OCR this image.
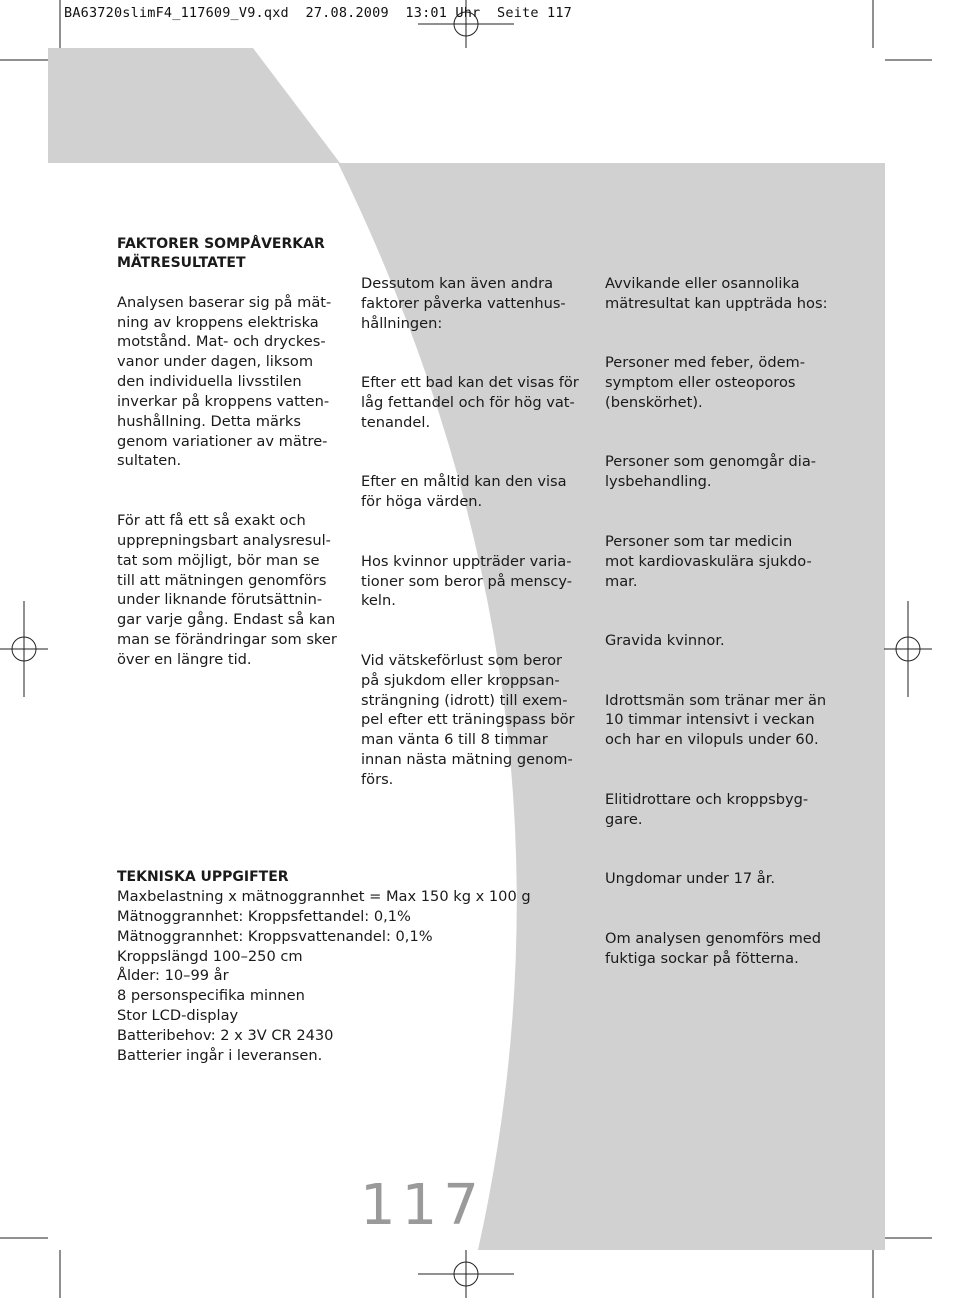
BA63720slimF4_117609_V9.qxd  27.08.2009  13:01 Uhr  Seite 117

FAKTORER SOMPÅVERKAR
MÄTRESULTATET

Analysen baserar sig på mät-
ning av kroppens elektriska
motstånd. Mat- och dryckes-
vanor under dagen, liksom
den individuella livsstilen
inverkar på kroppens vatten-
hushållning. Detta märks
genom variationer av mätre-
sultaten.

För att få ett så exakt och
upprepningsbart analysresul-
tat som möjligt, bör man se
till att mätningen genomförs
under liknande förutsättnin-
gar varje gång. Endast så kan
man se förändringar som sker
över en längre tid.

Dessutom kan även andra
faktorer påverka vattenhus-
hållningen:

Efter ett bad kan det visas för
låg fettandel och för hög vat-
tenandel.

Efter en måltid kan den visa
för höga värden.

Hos kvinnor uppträder varia-
tioner som beror på menscy-
keln.

Vid vätskeförlust som beror
på sjukdom eller kroppsan-
strängning (idrott) till exem-
pel efter ett träningspass bör
man vänta 6 till 8 timmar
innan nästa mätning genom-
förs.

Avvikande eller osannolika
mätresultat kan uppträda hos:

Personer med feber, ödem-
symptom eller osteoporos
(benskörhet).

Personer som genomgår dia-
lysbehandling.

Personer som tar medicin
mot kardiovaskulära sjukdo-
mar.

Gravida kvinnor.

Idrottsmän som tränar mer än
10 timmar intensivt i veckan
och har en vilopuls under 60.

Elitidrottare och kroppsbyg-
gare.

Ungdomar under 17 år.

Om analysen genomförs med
fuktiga sockar på fötterna.

TEKNISKA UPPGIFTER
Maxbelastning x mätnoggrannhet = Max 150 kg x 100 g
Mätnoggrannhet: Kroppsfettandel: 0,1%
Mätnoggrannhet: Kroppsvattenandel: 0,1%
Kroppslängd 100–250 cm
Ålder: 10–99 år
8 personspecifika minnen
Stor LCD-display
Batteribehov: 2 x 3V CR 2430
Batterier ingår i leveransen.
117
